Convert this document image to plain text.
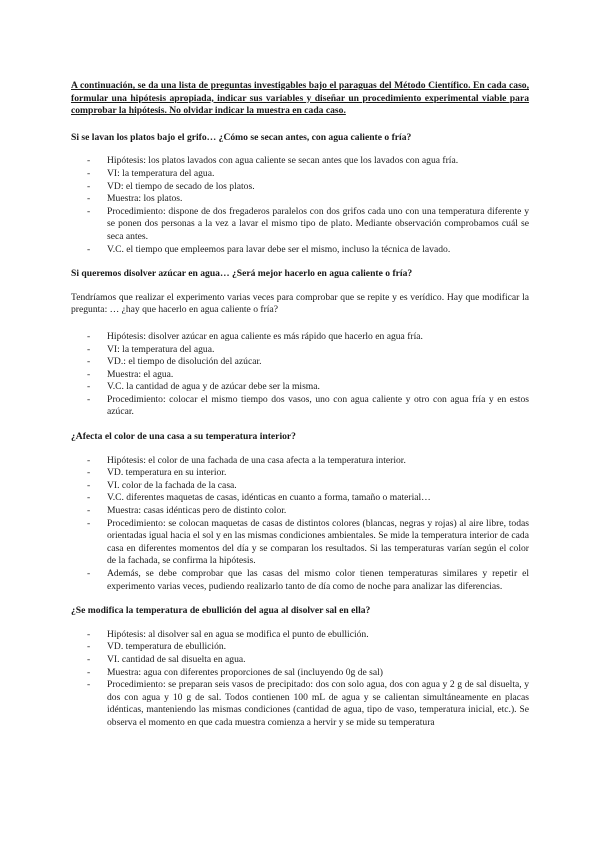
A continuación, se da una lista de preguntas investigables bajo el paraguas del Método Científico. En cada caso, formular una hipótesis apropiada, indicar sus variables y diseñar un procedimiento experimental viable para comprobar la hipótesis. No olvidar indicar la muestra en cada caso.

Si se lavan los platos bajo el grifo… ¿Cómo se secan antes, con agua caliente o fría?

- Hipótesis: los platos lavados con agua caliente se secan antes que los lavados con agua fría.
- VI: la temperatura del agua.
- VD: el tiempo de secado de los platos.
- Muestra: los platos.
- Procedimiento: dispone de dos fregaderos paralelos con dos grifos cada uno con una temperatura diferente y se ponen dos personas a la vez a lavar el mismo tipo de plato. Mediante observación comprobamos cuál se seca antes.
- V.C. el tiempo que empleemos para lavar debe ser el mismo, incluso la técnica de lavado.

Si queremos disolver azúcar en agua… ¿Será mejor hacerlo en agua caliente o fría?

Tendríamos que realizar el experimento varias veces para comprobar que se repite y es verídico. Hay que modificar la pregunta: … ¿hay que hacerlo en agua caliente o fría?

- Hipótesis: disolver azúcar en agua caliente es más rápido que hacerlo en agua fría.
- VI: la temperatura del agua.
- VD.: el tiempo de disolución del azúcar.
- Muestra: el agua.
- V.C. la cantidad de agua y de azúcar debe ser la misma.
- Procedimiento: colocar el mismo tiempo dos vasos, uno con agua caliente y otro con agua fría y en estos azúcar.

¿Afecta el color de una casa a su temperatura interior?

- Hipótesis: el color de una fachada de una casa afecta a la temperatura interior.
- VD. temperatura en su interior.
- VI. color de la fachada de la casa.
- V.C. diferentes maquetas de casas, idénticas en cuanto a forma, tamaño o material…
- Muestra: casas idénticas pero de distinto color.
- Procedimiento: se colocan maquetas de casas de distintos colores (blancas, negras y rojas) al aire libre, todas orientadas igual hacia el sol y en las mismas condiciones ambientales. Se mide la temperatura interior de cada casa en diferentes momentos del día y se comparan los resultados. Si las temperaturas varían según el color de la fachada, se confirma la hipótesis.
- Además, se debe comprobar que las casas del mismo color tienen temperaturas similares y repetir el experimento varias veces, pudiendo realizarlo tanto de día como de noche para analizar las diferencias.

¿Se modifica la temperatura de ebullición del agua al disolver sal en ella?

- Hipótesis: al disolver sal en agua se modifica el punto de ebullición.
- VD. temperatura de ebullición.
- VI. cantidad de sal disuelta en agua.
- Muestra: agua con diferentes proporciones de sal (incluyendo 0g de sal)
- Procedimiento: se preparan seis vasos de precipitado: dos con solo agua, dos con agua y 2 g de sal disuelta, y dos con agua y 10 g de sal. Todos contienen 100 mL de agua y se calientan simultáneamente en placas idénticas, manteniendo las mismas condiciones (cantidad de agua, tipo de vaso, temperatura inicial, etc.). Se observa el momento en que cada muestra comienza a hervir y se mide su temperatura
